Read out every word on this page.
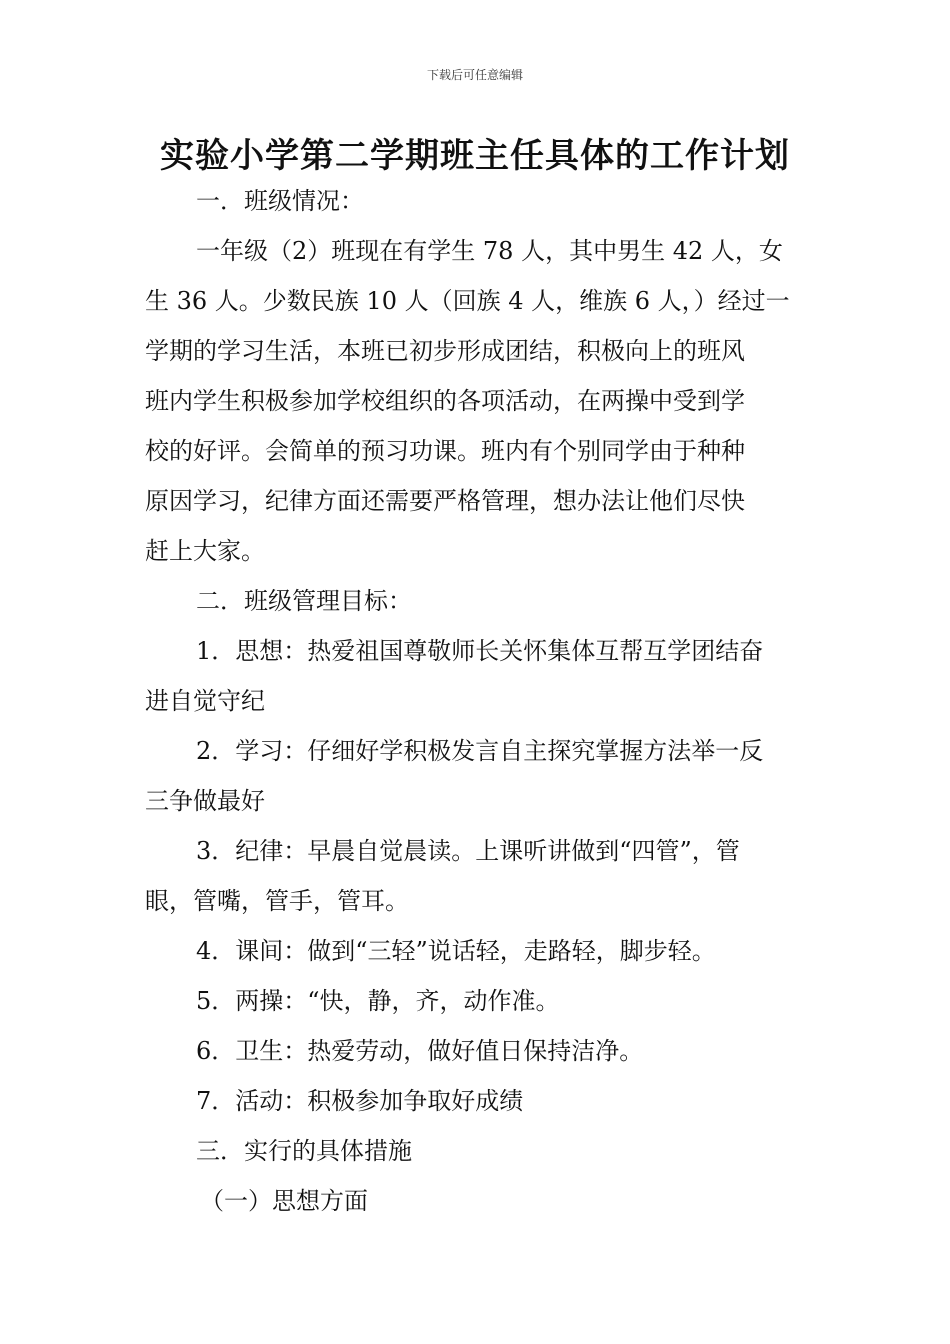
下载后可任意编辑
实验小学第二学期班主任具体的工作计划
一．班级情况：
一年级（2）班现在有学生 78 人，其中男生 42 人，女
生 36 人。少数民族 10 人（回族 4 人，维族 6 人，）经过一
学期的学习生活，本班已初步形成团结，积极向上的班风
班内学生积极参加学校组织的各项活动，在两操中受到学
校的好评。会简单的预习功课。班内有个别同学由于种种
原因学习，纪律方面还需要严格管理，想办法让他们尽快
赶上大家。
二．班级管理目标：
1．思想：热爱祖国尊敬师长关怀集体互帮互学团结奋
进自觉守纪
2．学习：仔细好学积极发言自主探究掌握方法举一反
三争做最好
3．纪律：早晨自觉晨读。上课听讲做到“四管”，管
眼，管嘴，管手，管耳。
4．课间：做到“三轻”说话轻，走路轻，脚步轻。
5．两操：“快，静，齐，动作准。
6．卫生：热爱劳动，做好值日保持洁净。
7．活动：积极参加争取好成绩
三．实行的具体措施
（一）思想方面
